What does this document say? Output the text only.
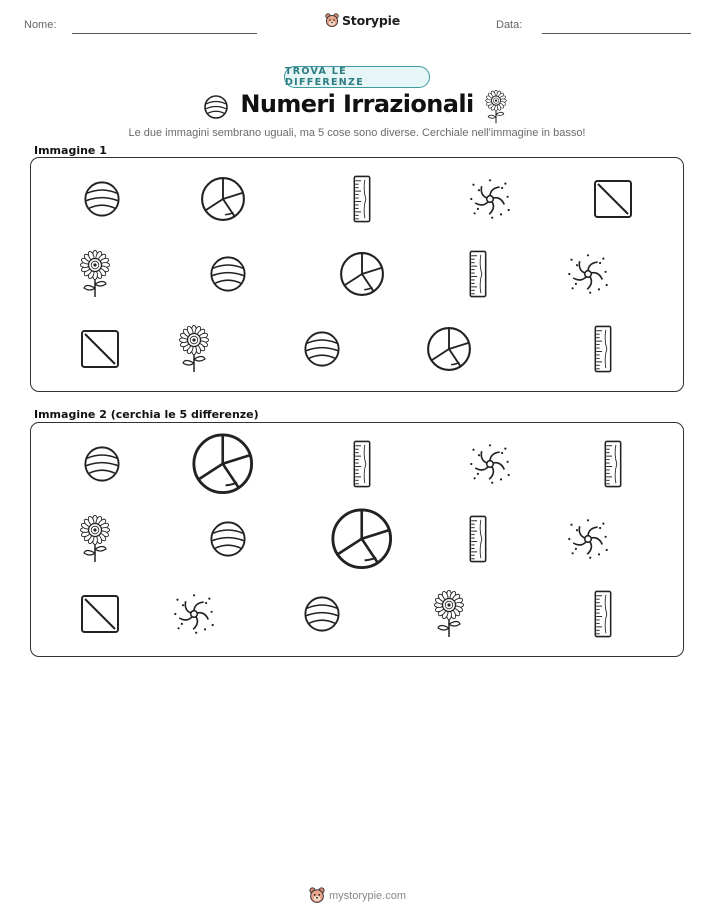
Nome:	Storypie	Data:
TROVA LE DIFFERENZE
Numeri Irrazionali
Le due immagini sembrano uguali, ma 5 cose sono diverse. Cerchiale nell'immagine in basso!
Immagine 1
Immagine 2 (cerchia le 5 differenze)
mystorypie.com
